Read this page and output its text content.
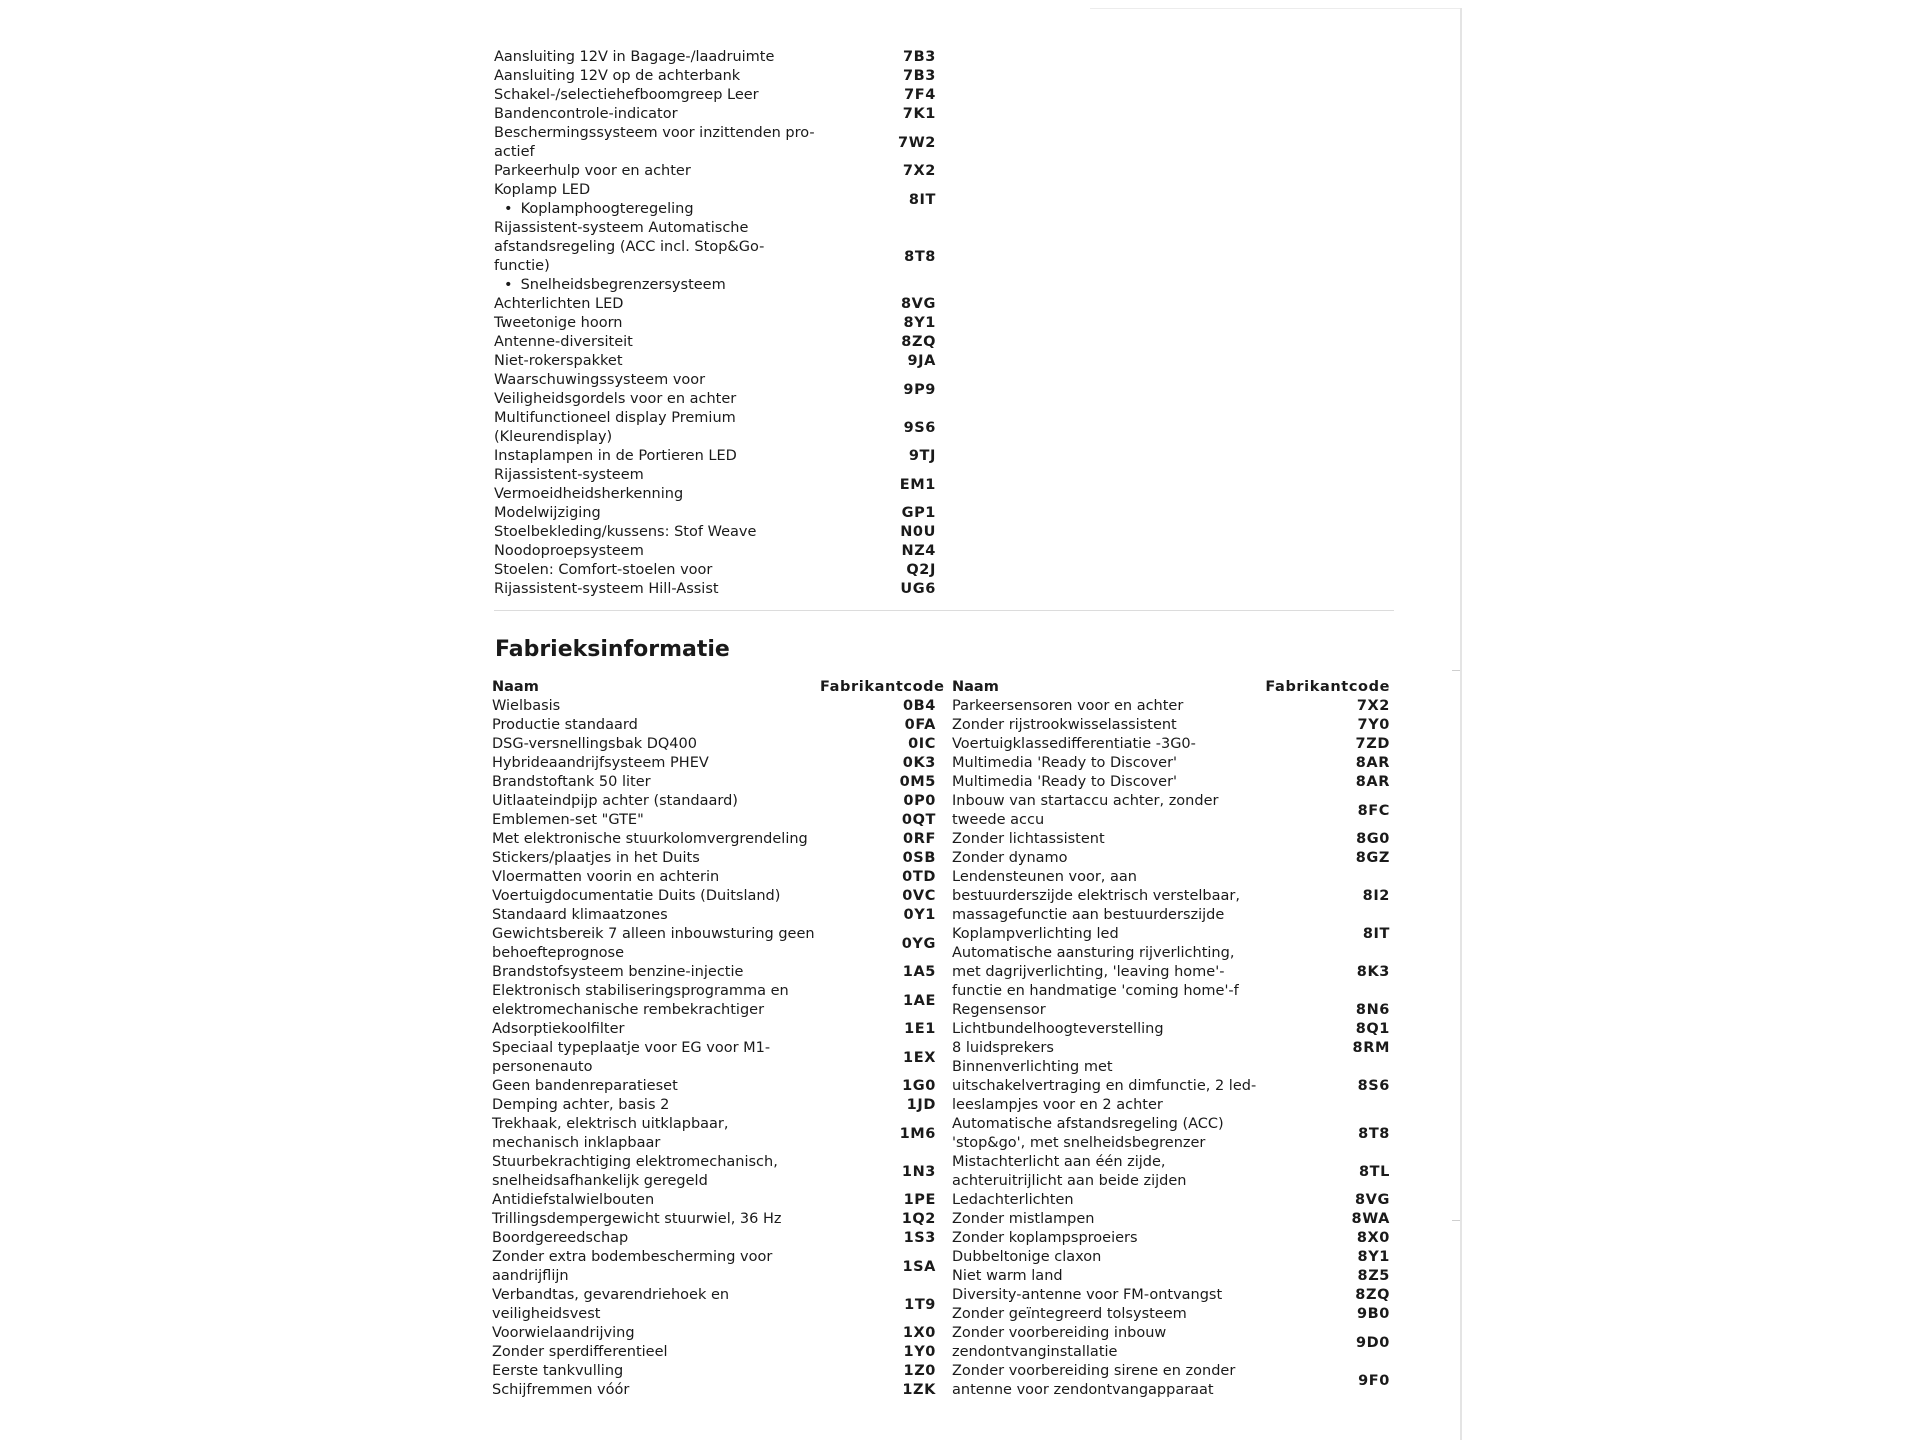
Aansluiting 12V in Bagage-/laadruimte	7B3

Aansluiting 12V op de achterbank	7B3

Schakel-/selectiehefboomgreep Leer	7F4

Bandencontrole-indicator	7K1

Beschermingssysteem voor inzittenden pro-
actief	7W2

Parkeerhulp voor en achter	7X2

Koplamp LED
• Koplamphoogteregeling	8IT

Rijassistent-systeem Automatische
afstandsregeling (ACC incl. Stop&Go-
functie)
• Snelheidsbegrenzersysteem	8T8

Achterlichten LED	8VG

Tweetonige hoorn	8Y1

Antenne-diversiteit	8ZQ

Niet-rokerspakket	9JA

Waarschuwingssysteem voor
Veiligheidsgordels voor en achter	9P9

Multifunctioneel display Premium
(Kleurendisplay)	9S6

Instaplampen in de Portieren LED	9TJ

Rijassistent-systeem
Vermoeidheidsherkenning	EM1

Modelwijziging	GP1

Stoelbekleding/kussens: Stof Weave	N0U

Noodoproepsysteem	NZ4

Stoelen: Comfort-stoelen voor	Q2J

Rijassistent-systeem Hill-Assist	UG6
Fabrieksinformatie
Naam	Fabrikantcode

Wielbasis	0B4

Productie standaard	0FA

DSG-versnellingsbak DQ400	0IC

Hybrideaandrijfsysteem PHEV	0K3

Brandstoftank 50 liter	0M5

Uitlaateindpijp achter (standaard)	0P0

Emblemen-set "GTE"	0QT

Met elektronische stuurkolomvergrendeling	0RF

Stickers/plaatjes in het Duits	0SB

Vloermatten voorin en achterin	0TD

Voertuigdocumentatie Duits (Duitsland)	0VC

Standaard klimaatzones	0Y1

Gewichtsbereik 7 alleen inbouwsturing geen
behoefteprognose	0YG

Brandstofsysteem benzine-injectie	1A5

Elektronisch stabiliseringsprogramma en
elektromechanische rembekrachtiger	1AE

Adsorptiekoolfilter	1E1

Speciaal typeplaatje voor EG voor M1-
personenauto	1EX

Geen bandenreparatieset	1G0

Demping achter, basis 2	1JD

Trekhaak, elektrisch uitklapbaar,
mechanisch inklapbaar	1M6

Stuurbekrachtiging elektromechanisch,
snelheidsafhankelijk geregeld	1N3

Antidiefstalwielbouten	1PE

Trillingsdempergewicht stuurwiel, 36 Hz	1Q2

Boordgereedschap	1S3

Zonder extra bodembescherming voor
aandrijflijn	1SA

Verbandtas, gevarendriehoek en
veiligheidsvest	1T9

Voorwielaandrijving	1X0

Zonder sperdifferentieel	1Y0

Eerste tankvulling	1Z0

Schijfremmen vóór	1ZK
Naam	Fabrikantcode

Parkeersensoren voor en achter	7X2

Zonder rijstrookwisselassistent	7Y0

Voertuigklassedifferentiatie -3G0-	7ZD

Multimedia 'Ready to Discover'	8AR

Multimedia 'Ready to Discover'	8AR

Inbouw van startaccu achter, zonder
tweede accu	8FC

Zonder lichtassistent	8G0

Zonder dynamo	8GZ

Lendensteunen voor, aan
bestuurderszijde elektrisch verstelbaar,
massagefunctie aan bestuurderszijde	8I2

Koplampverlichting led	8IT

Automatische aansturing rijverlichting,
met dagrijverlichting, 'leaving home'-
functie en handmatige 'coming home'-f	8K3

Regensensor	8N6

Lichtbundelhoogteverstelling	8Q1

8 luidsprekers	8RM

Binnenverlichting met
uitschakelvertraging en dimfunctie, 2 led-
leeslampjes voor en 2 achter	8S6

Automatische afstandsregeling (ACC)
'stop&go', met snelheidsbegrenzer	8T8

Mistachterlicht aan één zijde,
achteruitrijlicht aan beide zijden	8TL

Ledachterlichten	8VG

Zonder mistlampen	8WA

Zonder koplampsproeiers	8X0

Dubbeltonige claxon	8Y1

Niet warm land	8Z5

Diversity-antenne voor FM-ontvangst	8ZQ

Zonder geïntegreerd tolsysteem	9B0

Zonder voorbereiding inbouw
zendontvanginstallatie	9D0

Zonder voorbereiding sirene en zonder
antenne voor zendontvangapparaat	9F0
